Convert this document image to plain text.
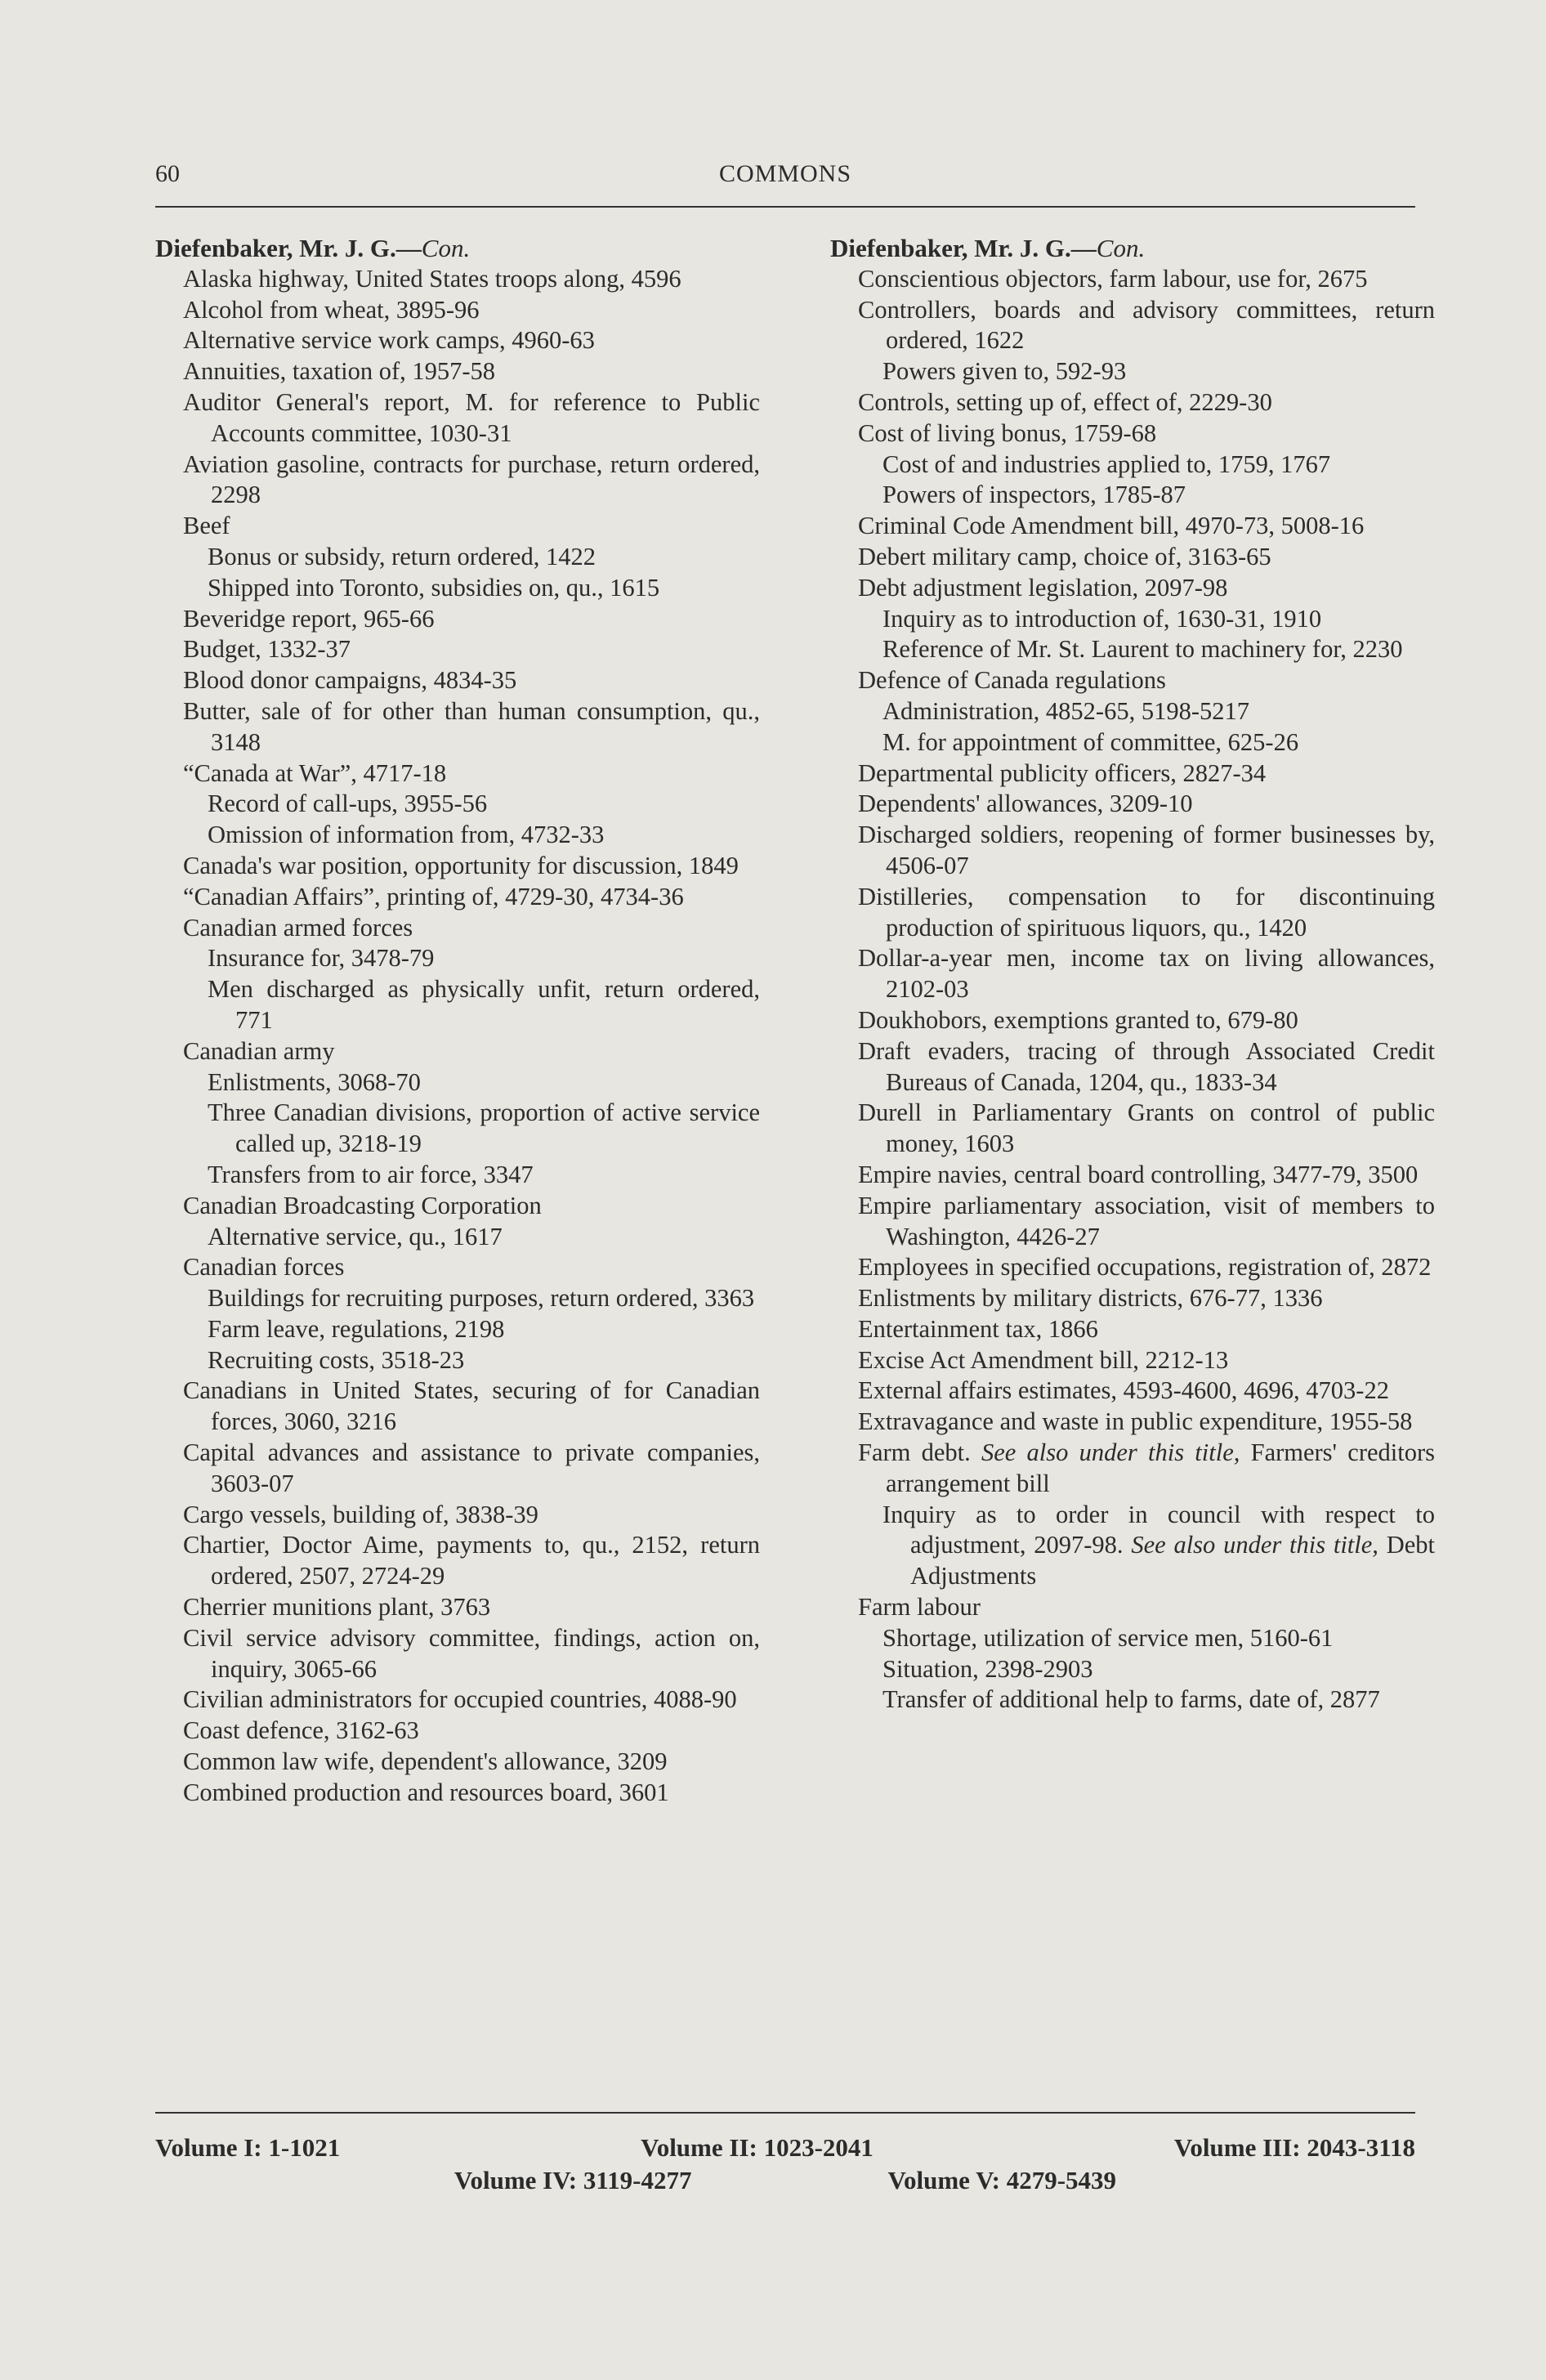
60	COMMONS
Diefenbaker, Mr. J. G.—Con.
Alaska highway, United States troops along, 4596
Alcohol from wheat, 3895-96
Alternative service work camps, 4960-63
Annuities, taxation of, 1957-58
Auditor General's report, M. for reference to Public Accounts committee, 1030-31
Aviation gasoline, contracts for purchase, return ordered, 2298
Beef
Bonus or subsidy, return ordered, 1422
Shipped into Toronto, subsidies on, qu., 1615
Beveridge report, 965-66
Budget, 1332-37
Blood donor campaigns, 4834-35
Butter, sale of for other than human consumption, qu., 3148
“Canada at War”, 4717-18
Record of call-ups, 3955-56
Omission of information from, 4732-33
Canada's war position, opportunity for discussion, 1849
“Canadian Affairs”, printing of, 4729-30, 4734-36
Canadian armed forces
Insurance for, 3478-79
Men discharged as physically unfit, return ordered, 771
Canadian army
Enlistments, 3068-70
Three Canadian divisions, proportion of active service called up, 3218-19
Transfers from to air force, 3347
Canadian Broadcasting Corporation
Alternative service, qu., 1617
Canadian forces
Buildings for recruiting purposes, return ordered, 3363
Farm leave, regulations, 2198
Recruiting costs, 3518-23
Canadians in United States, securing of for Canadian forces, 3060, 3216
Capital advances and assistance to private companies, 3603-07
Cargo vessels, building of, 3838-39
Chartier, Doctor Aime, payments to, qu., 2152, return ordered, 2507, 2724-29
Cherrier munitions plant, 3763
Civil service advisory committee, findings, action on, inquiry, 3065-66
Civilian administrators for occupied countries, 4088-90
Coast defence, 3162-63
Common law wife, dependent's allowance, 3209
Combined production and resources board, 3601
Diefenbaker, Mr. J. G.—Con.
Conscientious objectors, farm labour, use for, 2675
Controllers, boards and advisory committees, return ordered, 1622
Powers given to, 592-93
Controls, setting up of, effect of, 2229-30
Cost of living bonus, 1759-68
Cost of and industries applied to, 1759, 1767
Powers of inspectors, 1785-87
Criminal Code Amendment bill, 4970-73, 5008-16
Debert military camp, choice of, 3163-65
Debt adjustment legislation, 2097-98
Inquiry as to introduction of, 1630-31, 1910
Reference of Mr. St. Laurent to machinery for, 2230
Defence of Canada regulations
Administration, 4852-65, 5198-5217
M. for appointment of committee, 625-26
Departmental publicity officers, 2827-34
Dependents' allowances, 3209-10
Discharged soldiers, reopening of former businesses by, 4506-07
Distilleries, compensation to for discontinuing production of spirituous liquors, qu., 1420
Dollar-a-year men, income tax on living allowances, 2102-03
Doukhobors, exemptions granted to, 679-80
Draft evaders, tracing of through Associated Credit Bureaus of Canada, 1204, qu., 1833-34
Durell in Parliamentary Grants on control of public money, 1603
Empire navies, central board controlling, 3477-79, 3500
Empire parliamentary association, visit of members to Washington, 4426-27
Employees in specified occupations, registration of, 2872
Enlistments by military districts, 676-77, 1336
Entertainment tax, 1866
Excise Act Amendment bill, 2212-13
External affairs estimates, 4593-4600, 4696, 4703-22
Extravagance and waste in public expenditure, 1955-58
Farm debt. See also under this title, Farmers' creditors arrangement bill
Inquiry as to order in council with respect to adjustment, 2097-98. See also under this title, Debt Adjustments
Farm labour
Shortage, utilization of service men, 5160-61
Situation, 2398-2903
Transfer of additional help to farms, date of, 2877
Volume I: 1-1021	Volume II: 1023-2041	Volume III: 2043-3118
Volume IV: 3119-4277	Volume V: 4279-5439
